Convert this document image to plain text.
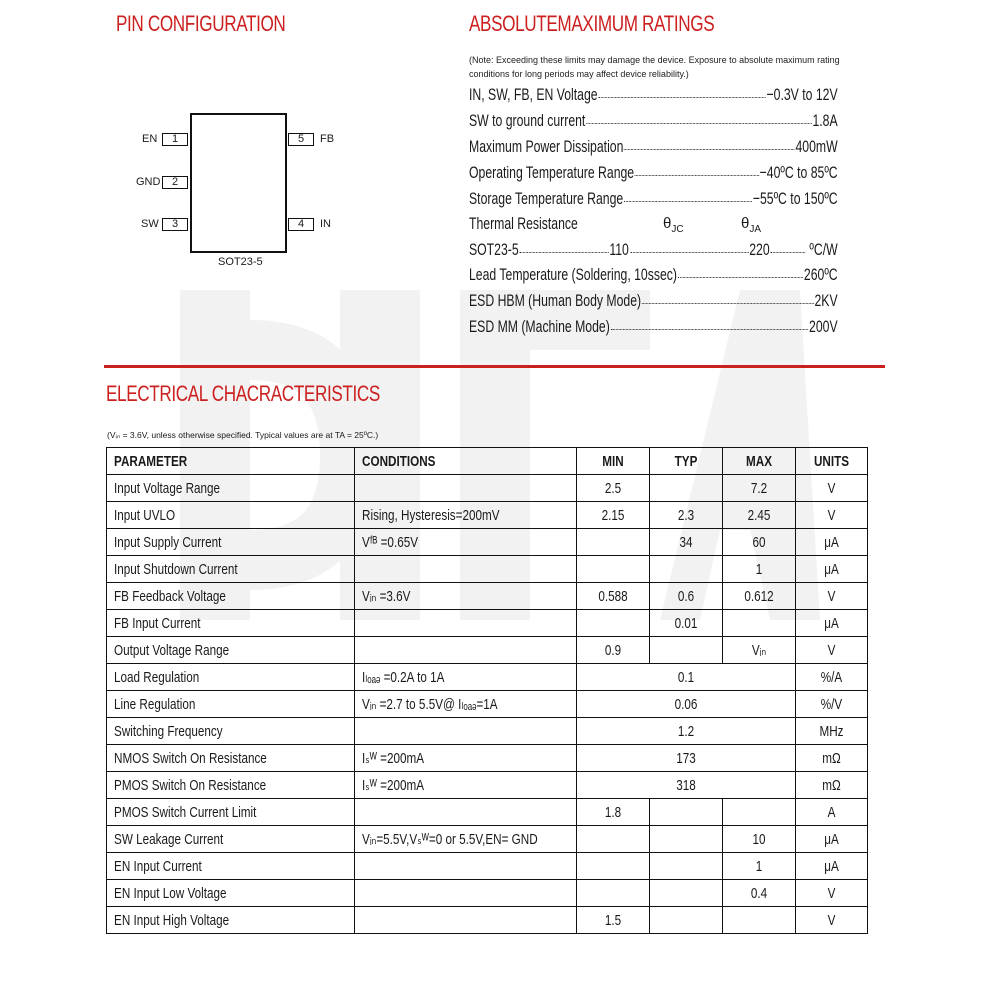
PIN CONFIGURATION
EN	1
GND	2
SW	3
5	FB
4	IN
SOT23-5
ABSOLUTEMAXIMUM RATINGS
(Note: Exceeding these limits may damage the device. Exposure to absolute maximum rating conditions for long periods may affect device reliability.)
IN, SW, FB, EN Voltage	−0.3V to 12V
SW to ground current	1.8A
Maximum Power Dissipation	400mW
Operating Temperature Range	−40ºC to 85ºC
Storage Temperature Range	−55ºC to 150ºC
Thermal Resistance	$\theta_{JC}$	$\theta_{JA}$
SOT23-5	110	220 ºC/W
Lead Temperature (Soldering, 10ssec)	260ºC
ESD HBM (Human Body Mode)	2KV
ESD MM (Machine Mode)	200V
ELECTRICAL CHACRACTERISTICS
(Vᵢₙ = 3.6V, unless otherwise specified. Typical values are at TA = 25ºC.)
PARAMETER	CONDITIONS	MIN	TYP	MAX	UNITS

Input Voltage Range		2.5		7.2	V

Input UVLO	Rising, Hysteresis=200mV	2.15	2.3	2.45	V

Input Supply Current	Vᶠᴮ =0.65V		34	60	μA

Input Shutdown Current				1	μA

FB Feedback Voltage	Vᵢₙ =3.6V	0.588	0.6	0.612	V

FB Input Current			0.01		μA

Output Voltage Range		0.9		Vᵢₙ	V

Load Regulation	Iₗₒₐₔ =0.2A to 1A	0.1			%/A

Line Regulation	Vᵢₙ =2.7 to 5.5V@ Iₗₒₐₔ=1A	0.06			%/V

Switching Frequency		1.2			MHz

NMOS Switch On Resistance	Iₛᵂ =200mA	173			mΩ

PMOS Switch On Resistance	Iₛᵂ =200mA	318			mΩ

PMOS Switch Current Limit		1.8			A

SW Leakage Current	Vᵢₙ=5.5V,Vₛᵂ=0 or 5.5V,EN= GND			10	μA

EN Input Current				1	μA

EN Input Low Voltage				0.4	V

EN Input High Voltage		1.5			V
